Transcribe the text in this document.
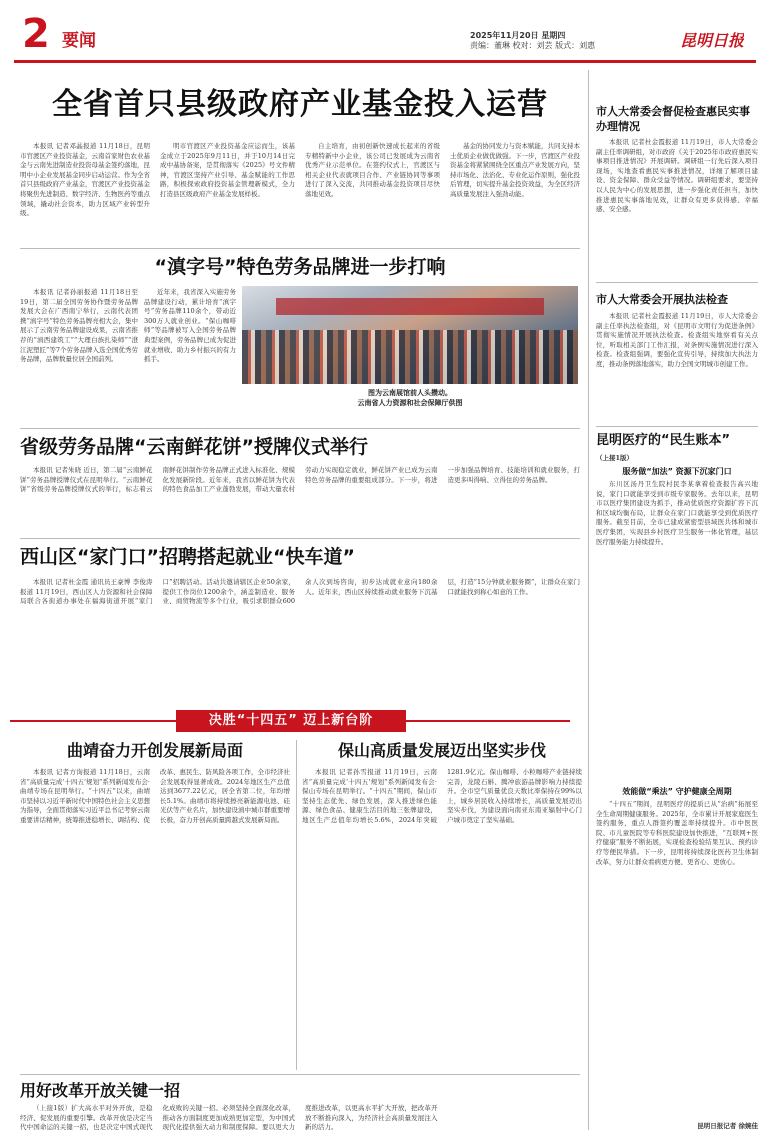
2 要闻	2025年11月20日 星期四
责编：董琳 校对：刘芸 版式：刘惠	昆明日报
全省首只县级政府产业基金投入运营

本报讯 记者邓晶报道 11月18日，昆明市官渡区产业投资基金，云南首家财色农业基金与云南先进制造业投资母基金签约落地，昆明中小企业发展基金同步启动运营。作为全省首只县级政府产业基金，官渡区产业投资基金将聚焦先进制造、数字经济、生物医药等重点领域，撬动社会资本，助力区域产业转型升级。

明市官渡区产业投资基金应运而生，该基金成立于2025年9月11日，并于10月14日完成中基协备案，是贯彻落实《2025》号文件精神，官渡区坚持产业引导、基金赋能的工作思路，积极探索政府投资基金管理新模式，全力打造县区级政府产业基金发展样板。

自主培育，由初创新快速成长起来的省级专精特新中小企业，该公司已发展成为云南省优秀产业示范单位。在签约仪式上，官渡区与相关企业代表就项目合作、产业链协同等事项进行了深入交流，共同推动基金投资项目尽快落地见效。

基金的协同发力与资本赋能，共同支持本土优质企业做优做强。下一步，官渡区产业投资基金将紧紧围绕全区重点产业发展方向，坚持市场化、法治化、专业化运作原则，强化投后管理，切实提升基金投资效益，为全区经济高质量发展注入强劲动能。

市人大常委会督促检查惠民实事办理情况

本报讯 记者杜金霞报道 11月19日，市人大常委会副主任率调研组，对市政府《关于2025年市政府惠民实事项目推进情况》开展调研。调研组一行先后深入项目现场，实地查看惠民实事推进情况，详细了解项目建设、资金保障、群众受益等情况。调研组要求，要坚持以人民为中心的发展思想，进一步强化责任担当，加快推进惠民实事落地见效，让群众有更多获得感、幸福感、安全感。

市人大常委会开展执法检查

本报讯 记者杜金霞报道 11月19日，市人大常委会副主任率执法检查组，对《昆明市文明行为促进条例》贯彻实施情况开展执法检查。检查组实地察看有关点位，听取相关部门工作汇报，对条例实施情况进行深入检查。检查组强调，要强化宣传引导，持续加大执法力度，推动条例落地落实，助力全国文明城市创建工作。

“滇字号”特色劳务品牌进一步打响

本报讯 记者孙丽报道 11月18日至19日，第二届全国劳务协作暨劳务品牌发展大会在广西南宁举行，云南代表团携“滇字号”特色劳务品牌亮相大会，集中展示了云南劳务品牌建设成果，云南省推荐的“滇西建筑工”“大理白族扎染师”“澄江泥塑匠”等7个劳务品牌入选全国优秀劳务品牌，品牌数量位居全国前列。

近年来，我省深入实施劳务品牌建设行动，累计培育“滇字号”劳务品牌110余个，带动近300万人就业创业。“保山咖啡师”等品牌被写入全国劳务品牌典型案例，劳务品牌已成为促进就业增收、助力乡村振兴的有力抓手。

图为云南展馆前人头攒动。
云南省人力资源和社会保障厅供图
省级劳务品牌“云南鲜花饼”授牌仪式举行

本报讯 记者朱晓 近日，第二届“云南鲜花饼”劳务品牌授牌仪式在昆明举行。“云南鲜花饼”省级劳务品牌授牌仪式的举行，标志着云南鲜花饼制作劳务品牌正式进入标准化、规模化发展新阶段。近年来，我省以鲜花饼为代表的特色食品加工产业蓬勃发展，带动大量农村劳动力实现稳定就业，鲜花饼产业已成为云南特色劳务品牌的重要组成部分。下一步，将进一步加强品牌培育、技能培训和就业服务，打造更多叫得响、立得住的劳务品牌。

西山区“家门口”招聘搭起就业“快车道”

本报讯 记者杜金霞 通讯员王豪博 李俊涛报道 11月19日，西山区人力资源和社会保障局联合各街道办事处在福海街道开展“家门口”招聘活动。活动共邀请辖区企业50余家，提供工作岗位1200余个，涵盖制造业、服务业、商贸物流等多个行业，吸引求职群众600余人次到场咨询，初步达成就业意向180余人。近年来，西山区持续推动就业服务下沉基层，打造“15分钟就业服务圈”，让群众在家门口就能找到称心如意的工作。

决胜“十四五” 迈上新台阶
曲靖奋力开创发展新局面

本报讯 记者方询报道 11月18日，云南省“高质量完成‘十四五’规划”系列新闻发布会·曲靖专场在昆明举行。“十四五”以来，曲靖市坚持以习近平新时代中国特色社会主义思想为指导，全面贯彻落实习近平总书记考察云南重要讲话精神，统筹推进稳增长、调结构、促改革、惠民生、防风险各项工作，全市经济社会发展取得显著成效。2024年地区生产总值达到3677.22亿元，居全省第二位，年均增长5.1%。曲靖市将持续擦亮新能源电池、硅光伏等产业名片，加快建设滇中城市群重要增长极，奋力开创高质量跨越式发展新局面。

保山高质量发展迈出坚实步伐

本报讯 记者孙雪报道 11月19日，云南省“高质量完成‘十四五’规划”系列新闻发布会·保山专场在昆明举行。“十四五”期间，保山市坚持生态优先、绿色发展，深入推进绿色能源、绿色食品、健康生活目的地三张牌建设，地区生产总值年均增长5.6%，2024年突破1281.9亿元。保山咖啡、小粒咖啡产业链持续完善，龙陵石斛、腾冲旅游品牌影响力持续提升。全市空气质量优良天数比率保持在99%以上，城乡居民收入持续增长，高质量发展迈出坚实步伐，为建设面向南亚东南亚辐射中心门户城市奠定了坚实基础。

用好改革开放关键一招

（上接1版）扩大高水平对外开放，是稳经济、促发展的重要引擎。改革开放是决定当代中国命运的关键一招，也是决定中国式现代化成败的关键一招。必须坚持全面深化改革，推动各方面制度更加成熟更加定型，为中国式现代化提供强大动力和制度保障。要以更大力度推进改革，以更高水平扩大开放，把改革开放不断推向深入，为经济社会高质量发展注入新的活力。

昆明医疗的“民生账本”
（上接1版）
服务做“加法” 资源下沉家门口

东川区汤丹卫生院村民李某拿着检查报告高兴地说，家门口就能享受到市级专家服务。去年以来，昆明市以医疗集团建设为抓手，推动优质医疗资源扩容下沉和区域均衡布局，让群众在家门口就能享受到优质医疗服务。截至目前，全市已建成紧密型县域医共体和城市医疗集团，实现县乡村医疗卫生服务一体化管理，基层医疗服务能力持续提升。

效能做“乘法” 守护健康全周期

“十四五”期间，昆明医疗的提质已从“治病”拓展至全生命周期健康服务。2025年，全市累计开展家庭医生签约服务，重点人群签约覆盖率持续提升。市中医医院、市儿童医院等专科医院建设加快推进，“互联网+医疗健康”服务不断拓展，实现检查检验结果互认、预约诊疗等便民举措。下一步，昆明将持续深化医药卫生体制改革，努力让群众看病更方便、更省心、更放心。

昆明日报记者 徐婉佳
